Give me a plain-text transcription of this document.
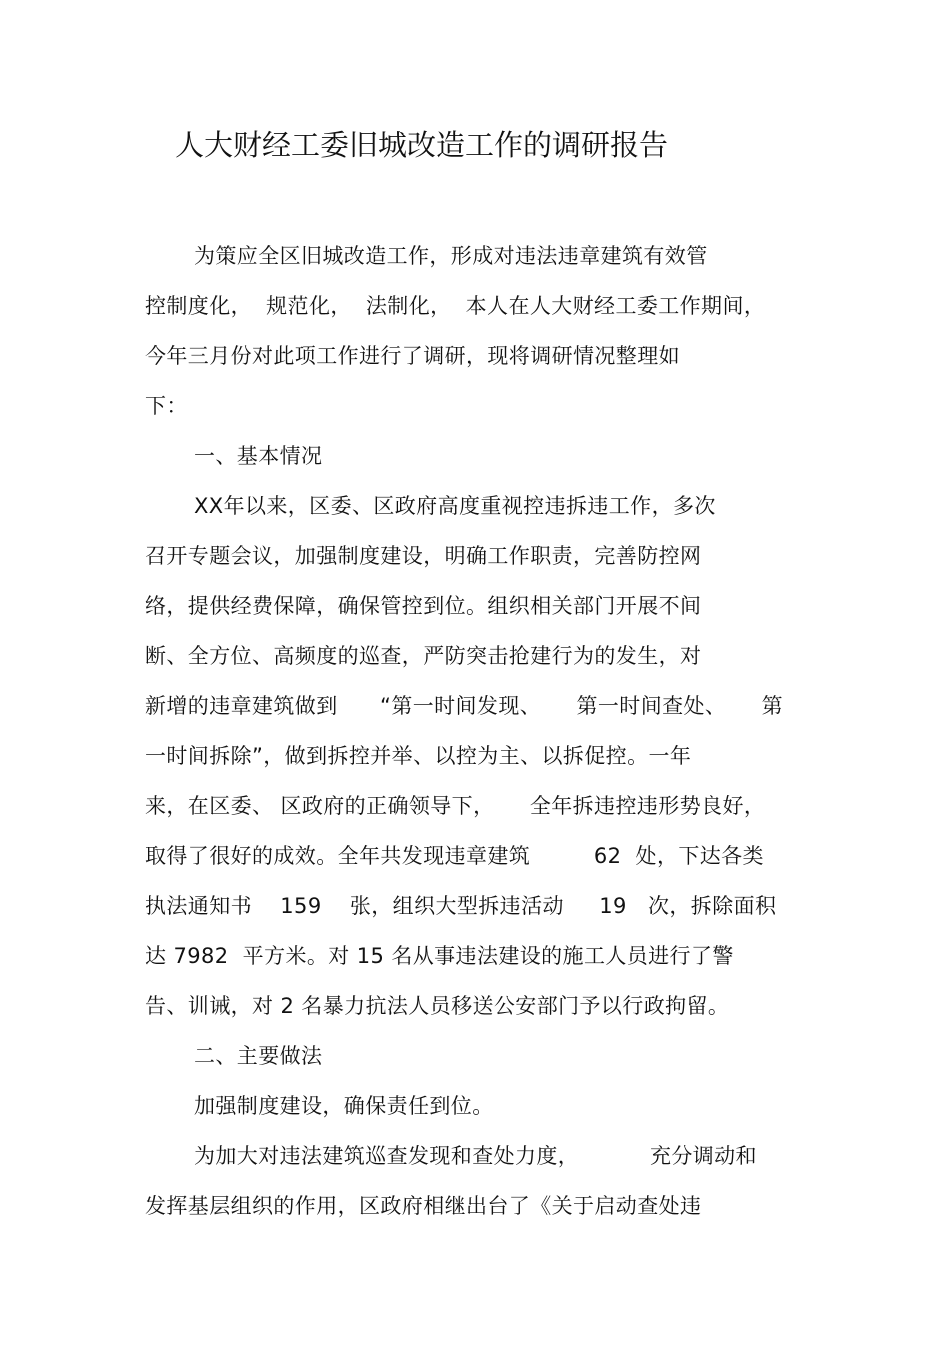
人大财经工委旧城改造工作的调研报告
为策应全区旧城改造工作，形成对违法违章建筑有效管
控制度化，  规范化，  法制化，  本人在人大财经工委工作期间，
今年三月份对此项工作进行了调研，现将调研情况整理如
下：
一、基本情况
XX年以来，区委、区政府高度重视控违拆违工作，多次
召开专题会议，加强制度建设，明确工作职责，完善防控网
络，提供经费保障，确保管控到位。组织相关部门开展不间
断、全方位、高频度的巡查，严防突击抢建行为的发生，对
新增的违章建筑做到      “第一时间发现、     第一时间查处、     第
一时间拆除”，做到拆控并举、以控为主、以拆促控。一年
来，在区委、 区政府的正确领导下，     全年拆违控违形势良好，
取得了很好的成效。全年共发现违章建筑         62  处，下达各类
执法通知书    159    张，组织大型拆违活动     19   次，拆除面积
达 7982  平方米。对 15 名从事违法建设的施工人员进行了警
告、训诫，对 2 名暴力抗法人员移送公安部门予以行政拘留。
二、主要做法
加强制度建设，确保责任到位。
为加大对违法建筑巡查发现和查处力度，          充分调动和
发挥基层组织的作用，区政府相继出台了《关于启动查处违
